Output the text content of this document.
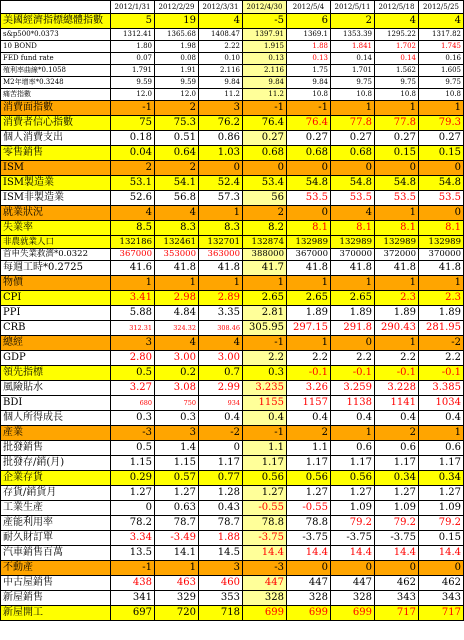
	2012/1/31	2012/2/29	2012/3/31	2012/4/30	2012/5/4	2012/5/11	2012/5/18	2012/5/25
美國經濟指標總體指數	5	19	4	-5	6	2	4	4
s&p500*0.0373	1312.41	1365.68	1408.47	1397.91	1369.1	1353.39	1295.22	1317.82
10 BOND	1.80	1.98	2.22	1.915	1.88	1.841	1.702	1.745
FED fund rate	0.07	0.08	0.10	0.13	0.13	0.14	0.14	0.16
殖利率曲線*0.1058	1.791	1.91	2.116	2.116	1.75	1.701	1.562	1.605
M2年增率*0.3248	9.59	9.59	9.84	9.84	9.84	9.75	9.75	9.75
痛苦指數	12.0	12.0	11.2	11.2	10.8	10.8	10.8	10.8
消費面指數	-1	2	3	-1	-1	1	1	1
消費者信心指數	75	75.3	76.2	76.4	76.4	77.8	77.8	79.3
個人消費支出	0.18	0.51	0.86	0.27	0.27	0.27	0.27	0.27
零售銷售	0.04	0.64	1.03	0.68	0.68	0.68	0.15	0.15
ISM	2	2	0	0	0	0	0	0
ISM製造業	53.1	54.1	52.4	53.4	54.8	54.8	54.8	54.8
ISM非製造業	52.6	56.8	57.3	56	53.5	53.5	53.5	53.5
就業狀況	4	4	1	2	0	4	1	0
失業率	8.5	8.3	8.3	8.2	8.1	8.1	8.1	8.1
非農就業人口	132186	132461	132701	132874	132989	132989	132989	132989
首申失業救濟*0.0322	367000	353000	363000	388000	367000	370000	372000	370000
每週工時*0.2725	41.6	41.8	41.8	41.7	41.8	41.8	41.8	41.8
物價	1	1	1	1	1	1	1	1
CPI	3.41	2.98	2.89	2.65	2.65	2.65	2.3	2.3
PPI	5.88	4.84	3.35	2.81	1.89	1.89	1.89	1.89
CRB	312.31	324.32	308.46	305.95	297.15	291.8	290.43	281.95
總經	3	4	4	-1	1	0	1	-2
GDP	2.80	3.00	3.00	2.2	2.2	2.2	2.2	2.2
領先指標	0.5	0.2	0.7	0.3	-0.1	-0.1	-0.1	-0.1
風險貼水	3.27	3.08	2.99	3.235	3.26	3.259	3.228	3.385
BDI	680	750	934	1155	1157	1138	1141	1034
個人所得成長	0.3	0.3	0.4	0.4	0.4	0.4	0.4	0.4
產業	-3	3	-2	-1	2	1	2	1
批發銷售	0.5	1.4	0	1.1	1.1	0.6	0.6	0.6
批發存/銷(月)	1.15	1.15	1.17	1.17	1.17	1.17	1.17	1.17
企業存貨	0.29	0.57	0.77	0.56	0.56	0.56	0.34	0.34
存貨/銷貨月	1.27	1.27	1.28	1.27	1.27	1.27	1.27	1.27
工業生產	0	0.63	0.43	-0.55	-0.55	1.09	1.09	1.09
產能利用率	78.2	78.7	78.7	78.8	78.8	79.2	79.2	79.2
耐久財訂單	3.34	-3.49	1.88	-3.75	-3.75	-3.75	-3.75	0.15
汽車銷售百萬	13.5	14.1	14.5	14.4	14.4	14.4	14.4	14.4
不動產	-1	1	3	-3	0	0	0	0
中古屋銷售	438	463	460	447	447	447	462	462
新屋銷售	341	329	353	328	328	328	343	343
新屋開工	697	720	718	699	699	699	717	717
